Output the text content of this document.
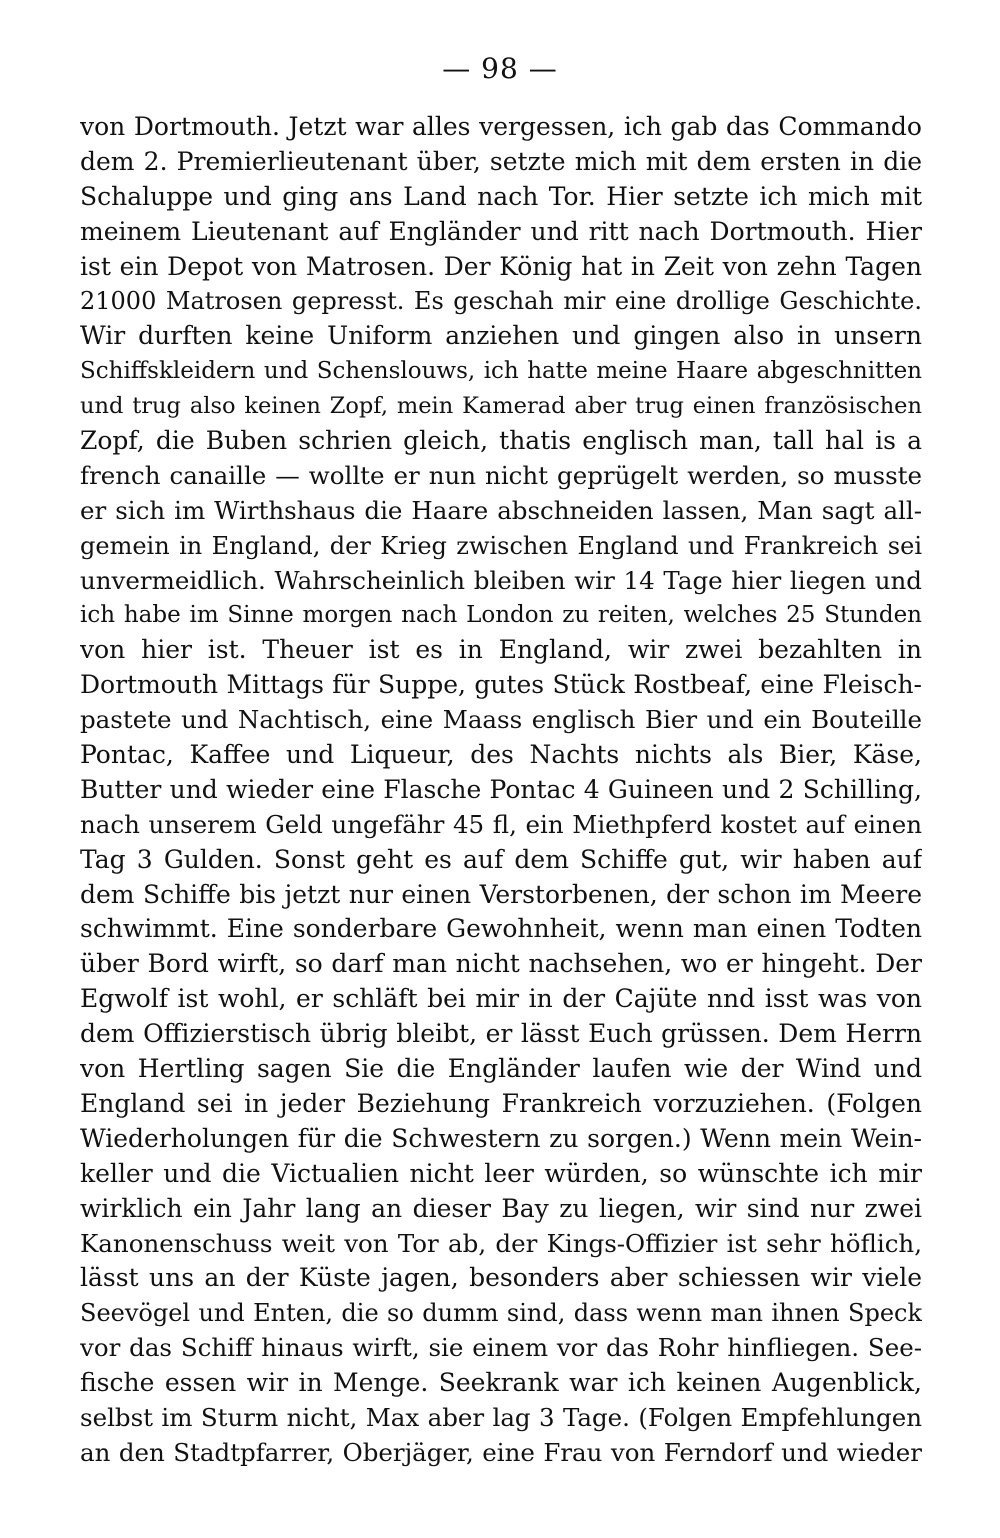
— 98 —
von Dortmouth. Jetzt war alles vergessen, ich gab das Commando
dem 2. Premierlieutenant über, setzte mich mit dem ersten in die
Schaluppe und ging ans Land nach Tor. Hier setzte ich mich mit
meinem Lieutenant auf Engländer und ritt nach Dortmouth. Hier
ist ein Depot von Matrosen. Der König hat in Zeit von zehn Tagen
21000 Matrosen gepresst. Es geschah mir eine drollige Geschichte.
Wir durften keine Uniform anziehen und gingen also in unsern
Schiffskleidern und Schenslouws, ich hatte meine Haare abgeschnitten
und trug also keinen Zopf, mein Kamerad aber trug einen französischen
Zopf, die Buben schrien gleich, thatis englisch man, tall hal is a
french canaille — wollte er nun nicht geprügelt werden, so musste
er sich im Wirthshaus die Haare abschneiden lassen, Man sagt all-
gemein in England, der Krieg zwischen England und Frankreich sei
unvermeidlich. Wahrscheinlich bleiben wir 14 Tage hier liegen und
ich habe im Sinne morgen nach London zu reiten, welches 25 Stunden
von hier ist. Theuer ist es in England, wir zwei bezahlten in
Dortmouth Mittags für Suppe, gutes Stück Rostbeaf, eine Fleisch-
pastete und Nachtisch, eine Maass englisch Bier und ein Bouteille
Pontac, Kaffee und Liqueur, des Nachts nichts als Bier, Käse,
Butter und wieder eine Flasche Pontac 4 Guineen und 2 Schilling,
nach unserem Geld ungefähr 45 fl, ein Miethpferd kostet auf einen
Tag 3 Gulden. Sonst geht es auf dem Schiffe gut, wir haben auf
dem Schiffe bis jetzt nur einen Verstorbenen, der schon im Meere
schwimmt. Eine sonderbare Gewohnheit, wenn man einen Todten
über Bord wirft, so darf man nicht nachsehen, wo er hingeht. Der
Egwolf ist wohl, er schläft bei mir in der Cajüte nnd isst was von
dem Offizierstisch übrig bleibt, er lässt Euch grüssen. Dem Herrn
von Hertling sagen Sie die Engländer laufen wie der Wind und
England sei in jeder Beziehung Frankreich vorzuziehen. (Folgen
Wiederholungen für die Schwestern zu sorgen.) Wenn mein Wein-
keller und die Victualien nicht leer würden, so wünschte ich mir
wirklich ein Jahr lang an dieser Bay zu liegen, wir sind nur zwei
Kanonenschuss weit von Tor ab, der Kings-Offizier ist sehr höflich,
lässt uns an der Küste jagen, besonders aber schiessen wir viele
Seevögel und Enten, die so dumm sind, dass wenn man ihnen Speck
vor das Schiff hinaus wirft, sie einem vor das Rohr hinfliegen. See-
fische essen wir in Menge. Seekrank war ich keinen Augenblick,
selbst im Sturm nicht, Max aber lag 3 Tage. (Folgen Empfehlungen
an den Stadtpfarrer, Oberjäger, eine Frau von Ferndorf und wieder
